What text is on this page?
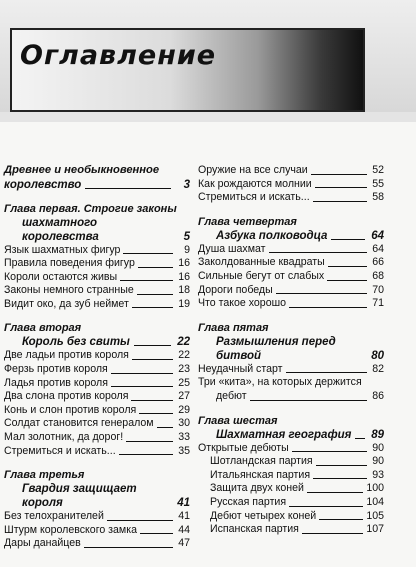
Оглавление
Древнее и необыкновенное
королевство	3
Глава первая. Строгие законы
шахматного королевства	5
Язык шахматных фигур	9
Правила поведения фигур	16
Короли остаются живы	16
Законы немного странные	18
Видит око, да зуб неймет	19
Глава вторая
Король без свиты	22
Две ладьи против короля	22
Ферзь против короля	23
Ладья против короля	25
Два слона против короля	27
Конь и слон против короля	29
Солдат становится генералом 30
Мал золотник, да дорог!	33
Стремиться и искать...	35
Глава третья
Гвардия защищает короля	41
Без телохранителей	41
Штурм королевского замка	44
Дары данайцев	47
Оружие на все случаи	52
Как рождаются молнии	55
Стремиться и искать...	58
Глава четвертая
Азбука полководца	64
Душа шахмат	64
Заколдованные квадраты	66
Сильные бегут от слабых	68
Дороги победы	70
Что такое хорошо	71
Глава пятая
Размышления перед битвой	80
Неудачный старт	82
Три «кита», на которых держится
дебют	86
Глава шестая
Шахматная география 89
Открытые дебюты	90
Шотландская партия	90
Итальянская партия	93
Защита двух коней	100
Русская партия	104
Дебют четырех коней	105
Испанская партия	107
